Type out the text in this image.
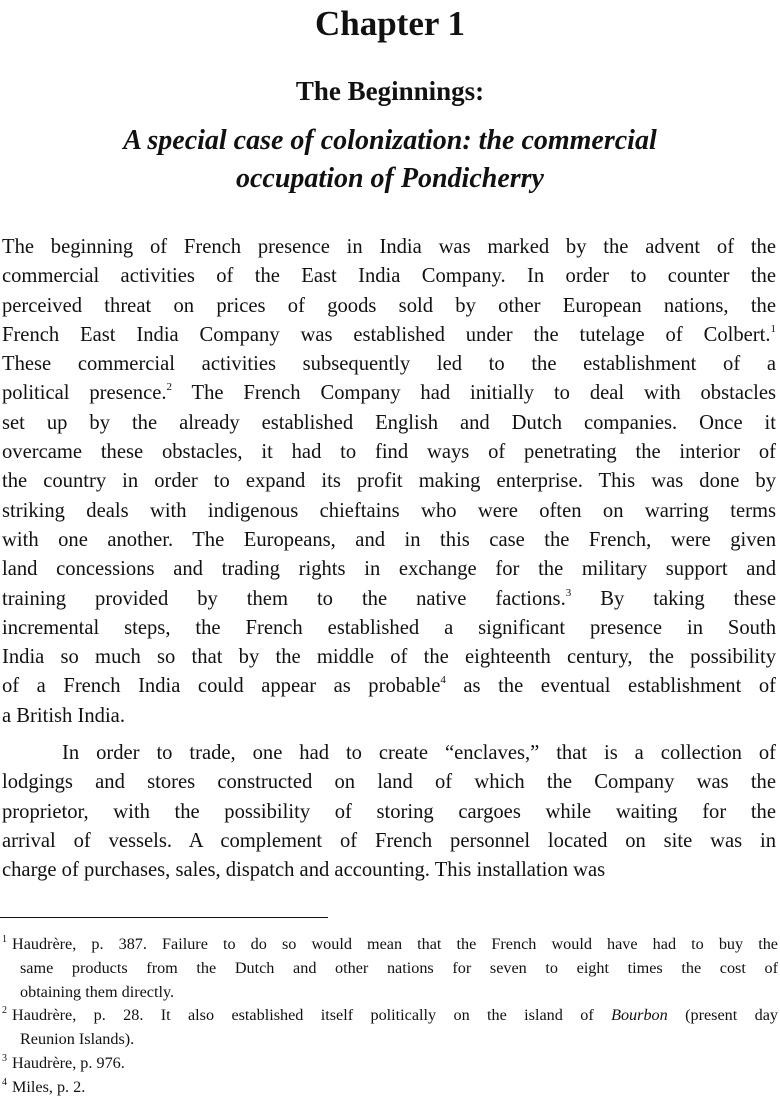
Chapter 1
The Beginnings:
A special case of colonization: the commercial
occupation of Pondicherry
The beginning of French presence in India was marked by the advent of the
commercial activities of the East India Company. In order to counter the
perceived threat on prices of goods sold by other European nations, the
French East India Company was established under the tutelage of Colbert.$^1$
These commercial activities subsequently led to the establishment of a
political presence.$^2$ The French Company had initially to deal with obstacles
set up by the already established English and Dutch companies. Once it
overcame these obstacles, it had to find ways of penetrating the interior of
the country in order to expand its profit making enterprise. This was done by
striking deals with indigenous chieftains who were often on warring terms
with one another. The Europeans, and in this case the French, were given
land concessions and trading rights in exchange for the military support and
training provided by them to the native factions.$^3$ By taking these
incremental steps, the French established a significant presence in South
India so much so that by the middle of the eighteenth century, the possibility
of a French India could appear as probable$^4$ as the eventual establishment of
a British India.
In order to trade, one had to create “enclaves,” that is a collection of
lodgings and stores constructed on land of which the Company was the
proprietor, with the possibility of storing cargoes while waiting for the
arrival of vessels. A complement of French personnel located on site was in
charge of purchases, sales, dispatch and accounting. This installation was
$^1$ Haudrère, p. 387. Failure to do so would mean that the French would have had to buy the
same products from the Dutch and other nations for seven to eight times the cost of
obtaining them directly.
$^2$ Haudrère, p. 28. It also established itself politically on the island of Bourbon (present day
Reunion Islands).
$^3$ Haudrère, p. 976.
$^4$ Miles, p. 2.
